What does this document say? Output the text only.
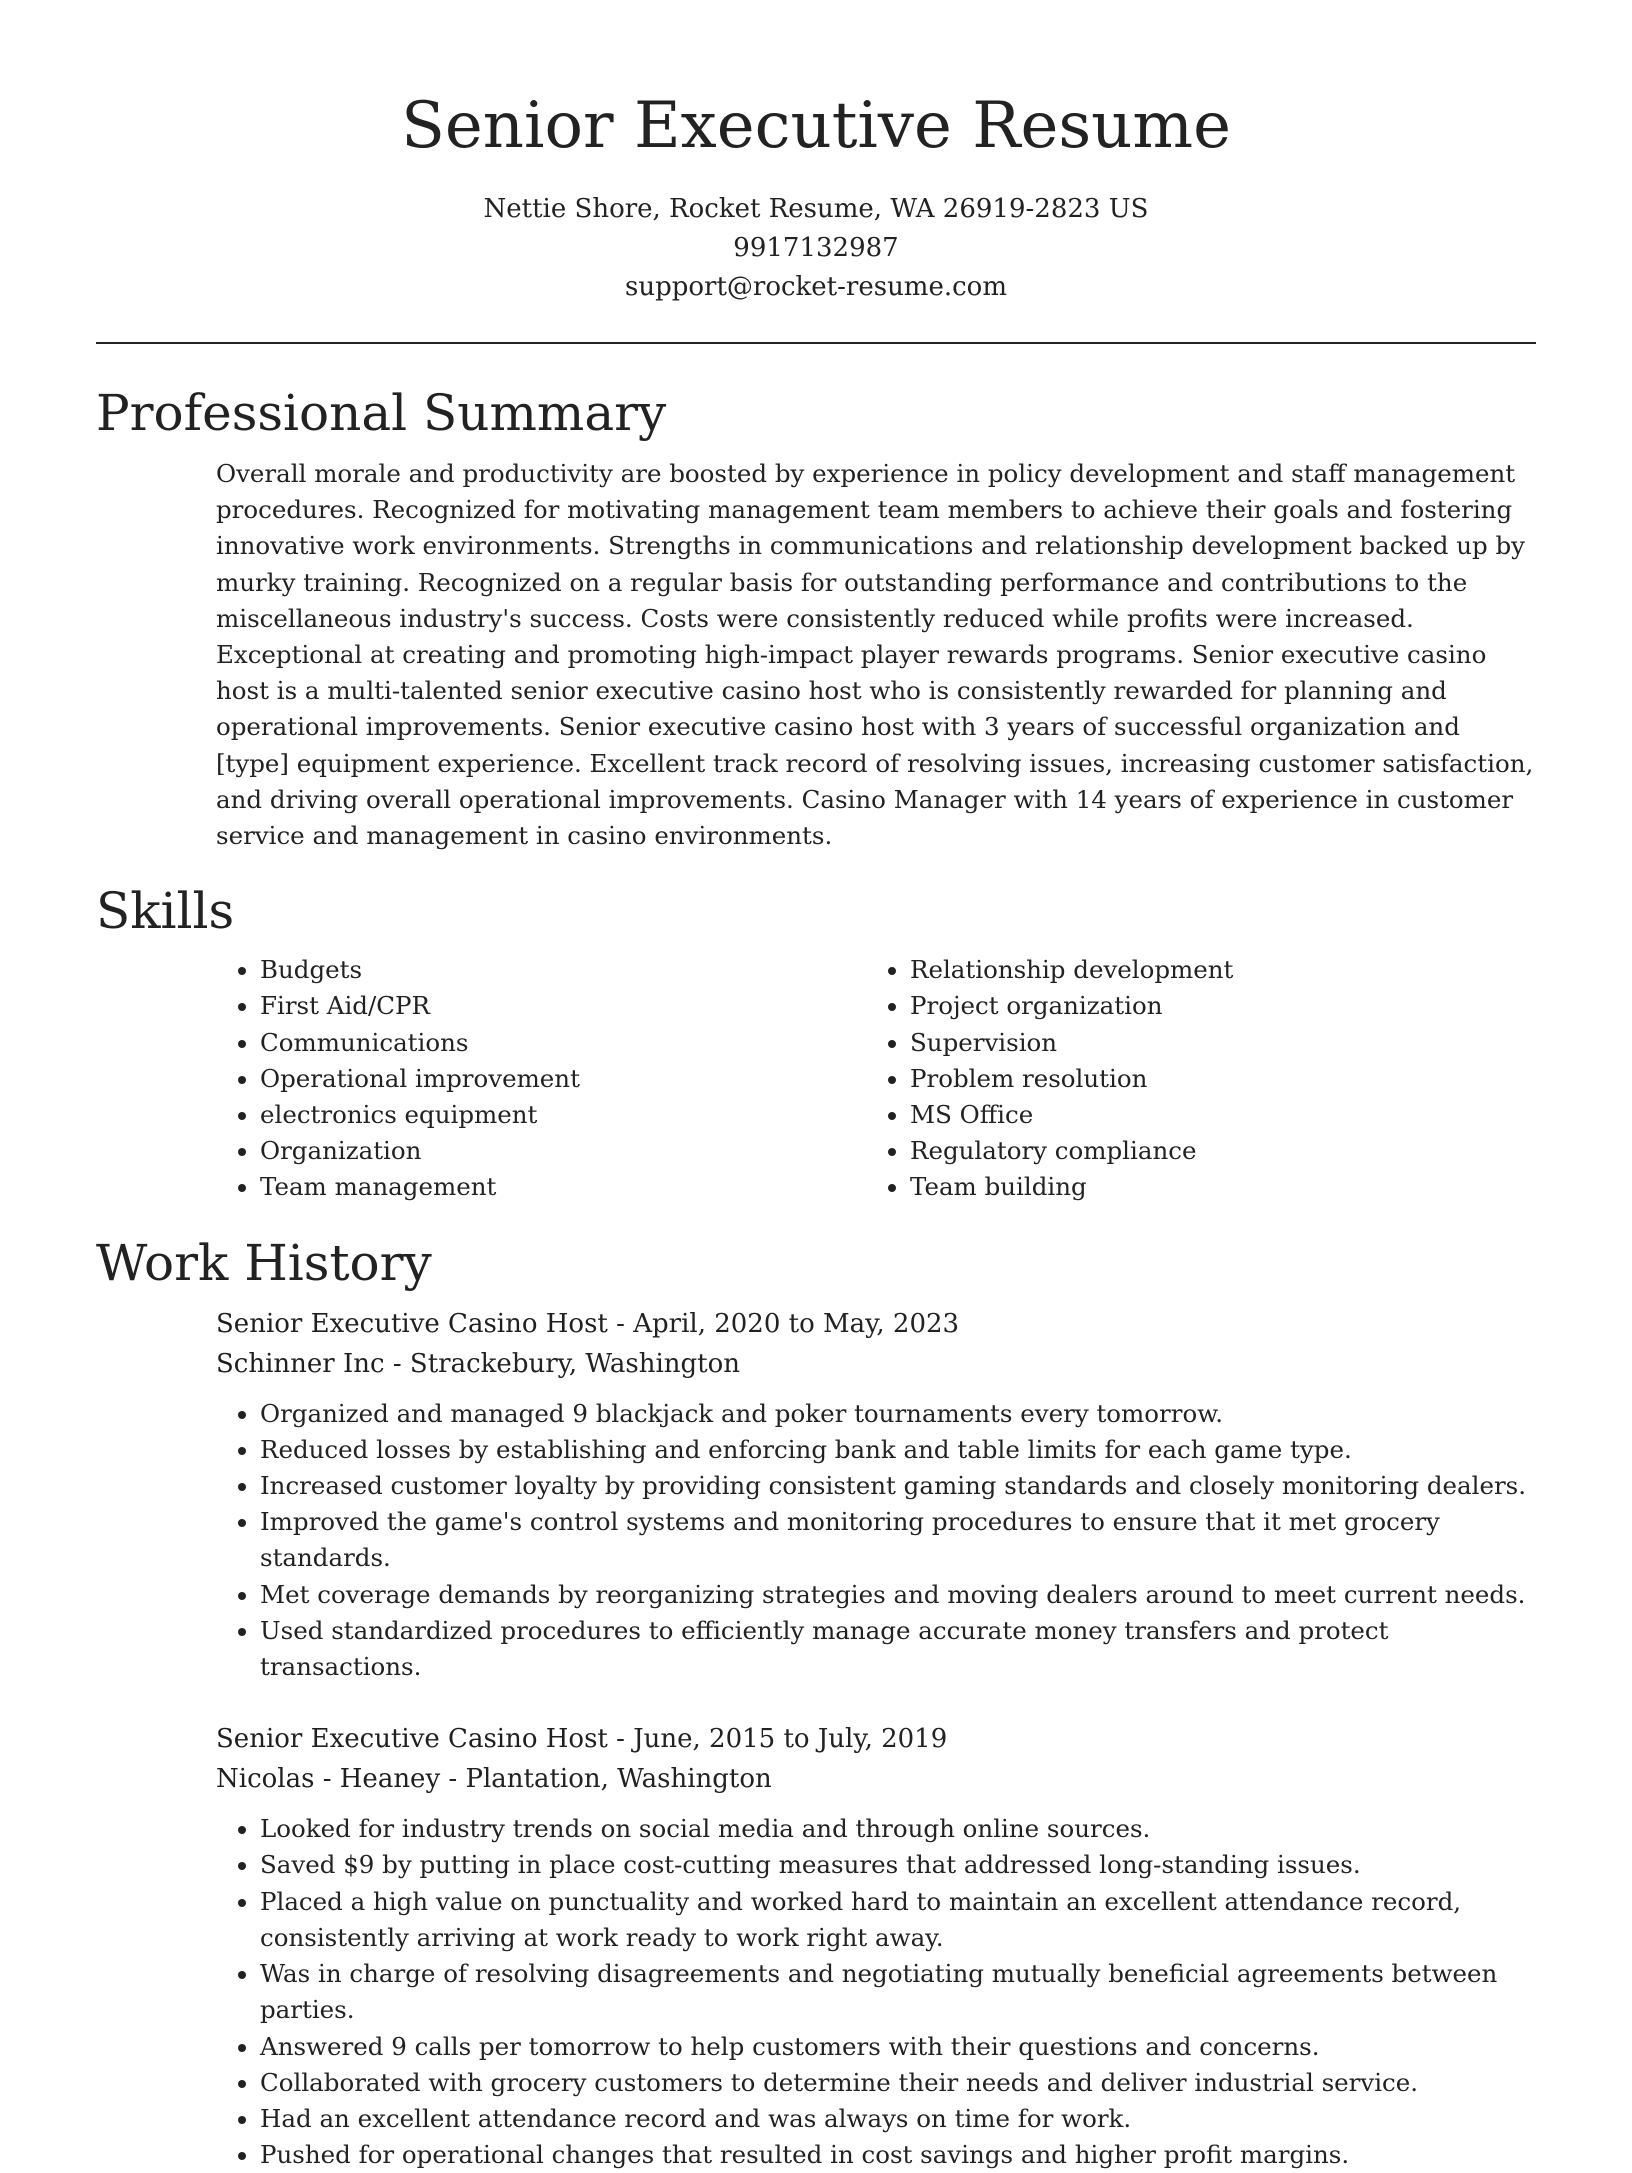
Senior Executive Resume
Nettie Shore, Rocket Resume, WA 26919-2823 US
9917132987
support@rocket-resume.com
Professional Summary

Overall morale and productivity are boosted by experience in policy development and staff management procedures. Recognized for motivating management team members to achieve their goals and fostering innovative work environments. Strengths in communications and relationship development backed up by murky training. Recognized on a regular basis for outstanding performance and contributions to the miscellaneous industry's success. Costs were consistently reduced while profits were increased. Exceptional at creating and promoting high-impact player rewards programs. Senior executive casino host is a multi-talented senior executive casino host who is consistently rewarded for planning and operational improvements. Senior executive casino host with 3 years of successful organization and [type] equipment experience. Excellent track record of resolving issues, increasing customer satisfaction, and driving overall operational improvements. Casino Manager with 14 years of experience in customer service and management in casino environments.

Skills
• Budgets
• First Aid/CPR
• Communications
• Operational improvement
• electronics equipment
• Organization
• Team management
• Relationship development
• Project organization
• Supervision
• Problem resolution
• MS Office
• Regulatory compliance
• Team building
Work History
Senior Executive Casino Host - April, 2020 to May, 2023
Schinner Inc - Strackebury, Washington
• Organized and managed 9 blackjack and poker tournaments every tomorrow.
• Reduced losses by establishing and enforcing bank and table limits for each game type.
• Increased customer loyalty by providing consistent gaming standards and closely monitoring dealers.
• Improved the game's control systems and monitoring procedures to ensure that it met grocery standards.
• Met coverage demands by reorganizing strategies and moving dealers around to meet current needs.
• Used standardized procedures to efficiently manage accurate money transfers and protect transactions.
Senior Executive Casino Host - June, 2015 to July, 2019
Nicolas - Heaney - Plantation, Washington
• Looked for industry trends on social media and through online sources.
• Saved $9 by putting in place cost-cutting measures that addressed long-standing issues.
• Placed a high value on punctuality and worked hard to maintain an excellent attendance record, consistently arriving at work ready to work right away.
• Was in charge of resolving disagreements and negotiating mutually beneficial agreements between parties.
• Answered 9 calls per tomorrow to help customers with their questions and concerns.
• Collaborated with grocery customers to determine their needs and deliver industrial service.
• Had an excellent attendance record and was always on time for work.
• Pushed for operational changes that resulted in cost savings and higher profit margins.
